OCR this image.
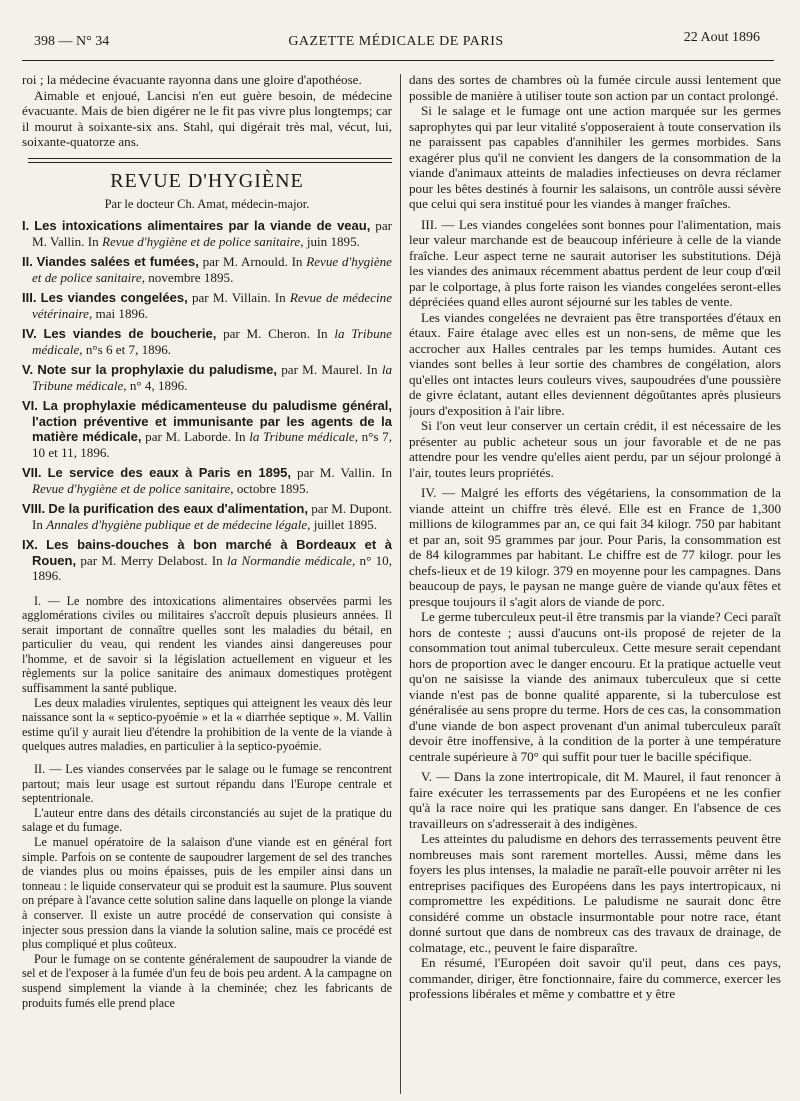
398 — N° 34	GAZETTE MÉDICALE DE PARIS	22 Aout 1896

roi ; la médecine évacuante rayonna dans une gloire d'apothéose.

Aimable et enjoué, Lancisi n'en eut guère besoin, de médecine évacuante. Mais de bien digérer ne le fit pas vivre plus longtemps; car il mourut à soixante-six ans. Stahl, qui digérait très mal, vécut, lui, soixante-quatorze ans.

REVUE D'HYGIÈNE
Par le docteur Ch. Amat, médecin-major.
I. Les intoxications alimentaires par la viande de veau, par M. Vallin. In Revue d'hygiène et de police sanitaire, juin 1895.
II. Viandes salées et fumées, par M. Arnould. In Revue d'hygiène et de police sanitaire, novembre 1895.
III. Les viandes congelées, par M. Villain. In Revue de médecine vétérinaire, mai 1896.
IV. Les viandes de boucherie, par M. Cheron. In la Tribune médicale, n°s 6 et 7, 1896.
V. Note sur la prophylaxie du paludisme, par M. Maurel. In la Tribune médicale, n° 4, 1896.
VI. La prophylaxie médicamenteuse du paludisme général, l'action préventive et immunisante par les agents de la matière médicale, par M. Laborde. In la Tribune médicale, n°s 7, 10 et 11, 1896.
VII. Le service des eaux à Paris en 1895, par M. Vallin. In Revue d'hygiène et de police sanitaire, octobre 1895.
VIII. De la purification des eaux d'alimentation, par M. Dupont. In Annales d'hygiène publique et de médecine légale, juillet 1895.
IX. Les bains-douches à bon marché à Bordeaux et à Rouen, par M. Merry Delabost. In la Normandie médicale, n° 10, 1896.

I. — Le nombre des intoxications alimentaires observées parmi les agglomérations civiles ou militaires s'accroît depuis plusieurs années. Il serait important de connaître quelles sont les maladies du bétail, en particulier du veau, qui rendent les viandes ainsi dangereuses pour l'homme, et de savoir si la législation actuellement en vigueur et les règlements sur la police sanitaire des animaux domestiques protègent suffisamment la santé publique.

Les deux maladies virulentes, septiques qui atteignent les veaux dès leur naissance sont la « septico-pyoémie » et la « diarrhée septique ». M. Vallin estime qu'il y aurait lieu d'étendre la prohibition de la vente de la viande à quelques autres maladies, en particulier à la septico-pyoémie.

II. — Les viandes conservées par le salage ou le fumage se rencontrent partout; mais leur usage est surtout répandu dans l'Europe centrale et septentrionale.

L'auteur entre dans des détails circonstanciés au sujet de la pratique du salage et du fumage.

Le manuel opératoire de la salaison d'une viande est en général fort simple. Parfois on se contente de saupoudrer largement de sel des tranches de viandes plus ou moins épaisses, puis de les empiler ainsi dans un tonneau : le liquide conservateur qui se produit est la saumure. Plus souvent on prépare à l'avance cette solution saline dans laquelle on plonge la viande à conserver. Il existe un autre procédé de conservation qui consiste à injecter sous pression dans la viande la solution saline, mais ce procédé est plus compliqué et plus coûteux.

Pour le fumage on se contente généralement de saupoudrer la viande de sel et de l'exposer à la fumée d'un feu de bois peu ardent. A la campagne on suspend simplement la viande à la cheminée; chez les fabricants de produits fumés elle prend place

dans des sortes de chambres où la fumée circule aussi lentement que possible de manière à utiliser toute son action par un contact prolongé.

Si le salage et le fumage ont une action marquée sur les germes saprophytes qui par leur vitalité s'opposeraient à toute conservation ils ne paraissent pas capables d'annihiler les germes morbides. Sans exagérer plus qu'il ne convient les dangers de la consommation de la viande d'animaux atteints de maladies infectieuses on devra réclamer pour les bêtes destinés à fournir les salaisons, un contrôle aussi sévère que celui qui sera institué pour les viandes à manger fraîches.

III. — Les viandes congelées sont bonnes pour l'alimentation, mais leur valeur marchande est de beaucoup inférieure à celle de la viande fraîche. Leur aspect terne ne saurait autoriser les substitutions. Déjà les viandes des animaux récemment abattus perdent de leur coup d'œil par le colportage, à plus forte raison les viandes congelées seront-elles dépréciées quand elles auront séjourné sur les tables de vente.

Les viandes congelées ne devraient pas être transportées d'étaux en étaux. Faire étalage avec elles est un non-sens, de même que les accrocher aux Halles centrales par les temps humides. Autant ces viandes sont belles à leur sortie des chambres de congélation, alors qu'elles ont intactes leurs couleurs vives, saupoudrées d'une poussière de givre éclatant, autant elles deviennent dégoûtantes après plusieurs jours d'exposition à l'air libre.

Si l'on veut leur conserver un certain crédit, il est nécessaire de les présenter au public acheteur sous un jour favorable et de ne pas attendre pour les vendre qu'elles aient perdu, par un séjour prolongé à l'air, toutes leurs propriétés.

IV. — Malgré les efforts des végétariens, la consommation de la viande atteint un chiffre très élevé. Elle est en France de 1,300 millions de kilogrammes par an, ce qui fait 34 kilogr. 750 par habitant et par an, soit 95 grammes par jour. Pour Paris, la consommation est de 84 kilogrammes par habitant. Le chiffre est de 77 kilogr. pour les chefs-lieux et de 19 kilogr. 379 en moyenne pour les campagnes. Dans beaucoup de pays, le paysan ne mange guère de viande qu'aux fêtes et presque toujours il s'agit alors de viande de porc.

Le germe tuberculeux peut-il être transmis par la viande? Ceci paraît hors de conteste ; aussi d'aucuns ont-ils proposé de rejeter de la consommation tout animal tuberculeux. Cette mesure serait cependant hors de proportion avec le danger encouru. Et la pratique actuelle veut qu'on ne saisisse la viande des animaux tuberculeux que si cette viande n'est pas de bonne qualité apparente, si la tuberculose est généralisée au sens propre du terme. Hors de ces cas, la consommation d'une viande de bon aspect provenant d'un animal tuberculeux paraît devoir être inoffensive, à la condition de la porter à une température centrale supérieure à 70° qui suffit pour tuer le bacille spécifique.

V. — Dans la zone intertropicale, dit M. Maurel, il faut renoncer à faire exécuter les terrassements par des Européens et ne les confier qu'à la race noire qui les pratique sans danger. En l'absence de ces travailleurs on s'adresserait à des indigènes.

Les atteintes du paludisme en dehors des terrassements peuvent être nombreuses mais sont rarement mortelles. Aussi, même dans les foyers les plus intenses, la maladie ne paraît-elle pouvoir arrêter ni les entreprises pacifiques des Européens dans les pays intertropicaux, ni compromettre les expéditions. Le paludisme ne saurait donc être considéré comme un obstacle insurmontable pour notre race, étant donné surtout que dans de nombreux cas des travaux de drainage, de colmatage, etc., peuvent le faire disparaître.

En résumé, l'Européen doit savoir qu'il peut, dans ces pays, commander, diriger, être fonctionnaire, faire du commerce, exercer les professions libérales et même y combattre et y être
